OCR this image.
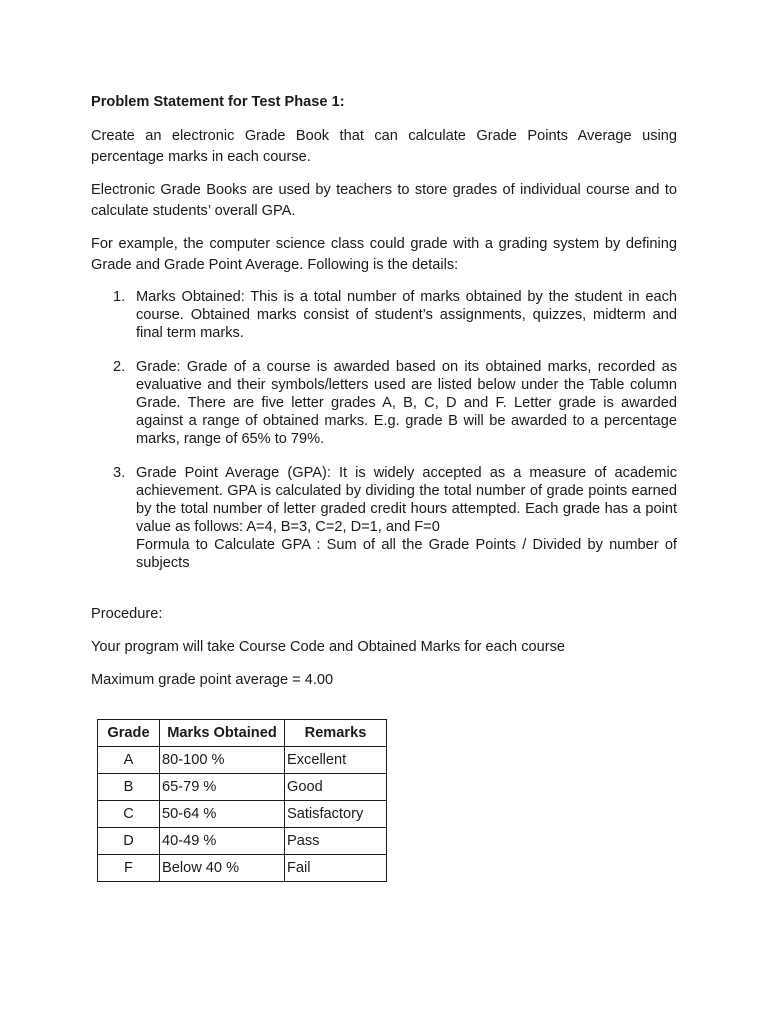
Problem Statement for Test Phase 1:

Create an electronic Grade Book that can calculate Grade Points Average using percentage marks in each course.

Electronic Grade Books are used by teachers to store grades of individual course and to calculate students’ overall GPA.

For example, the computer science class could grade with a grading system by defining Grade and Grade Point Average. Following is the details:

1. Marks Obtained: This is a total number of marks obtained by the student in each course. Obtained marks consist of student’s assignments, quizzes, midterm and final term marks.
2. Grade: Grade of a course is awarded based on its obtained marks, recorded as evaluative and their symbols/letters used are listed below under the Table column Grade. There are five letter grades A, B, C, D and F. Letter grade is awarded against a range of obtained marks. E.g. grade B will be awarded to a percentage marks, range of 65% to 79%.
3. Grade Point Average (GPA): It is widely accepted as a measure of academic achievement. GPA is calculated by dividing the total number of grade points earned by the total number of letter graded credit hours attempted. Each grade has a point value as follows: A=4, B=3, C=2, D=1, and F=0
Formula to Calculate GPA : Sum of all the Grade Points / Divided by number of subjects
Procedure:
Your program will take Course Code and Obtained Marks for each course
Maximum grade point average = 4.00
Grade	Marks Obtained	Remarks
A	80-100 %	Excellent
B	65-79 %	Good
C	50-64 %	Satisfactory
D	40-49 %	Pass
F	Below 40 %	Fail
